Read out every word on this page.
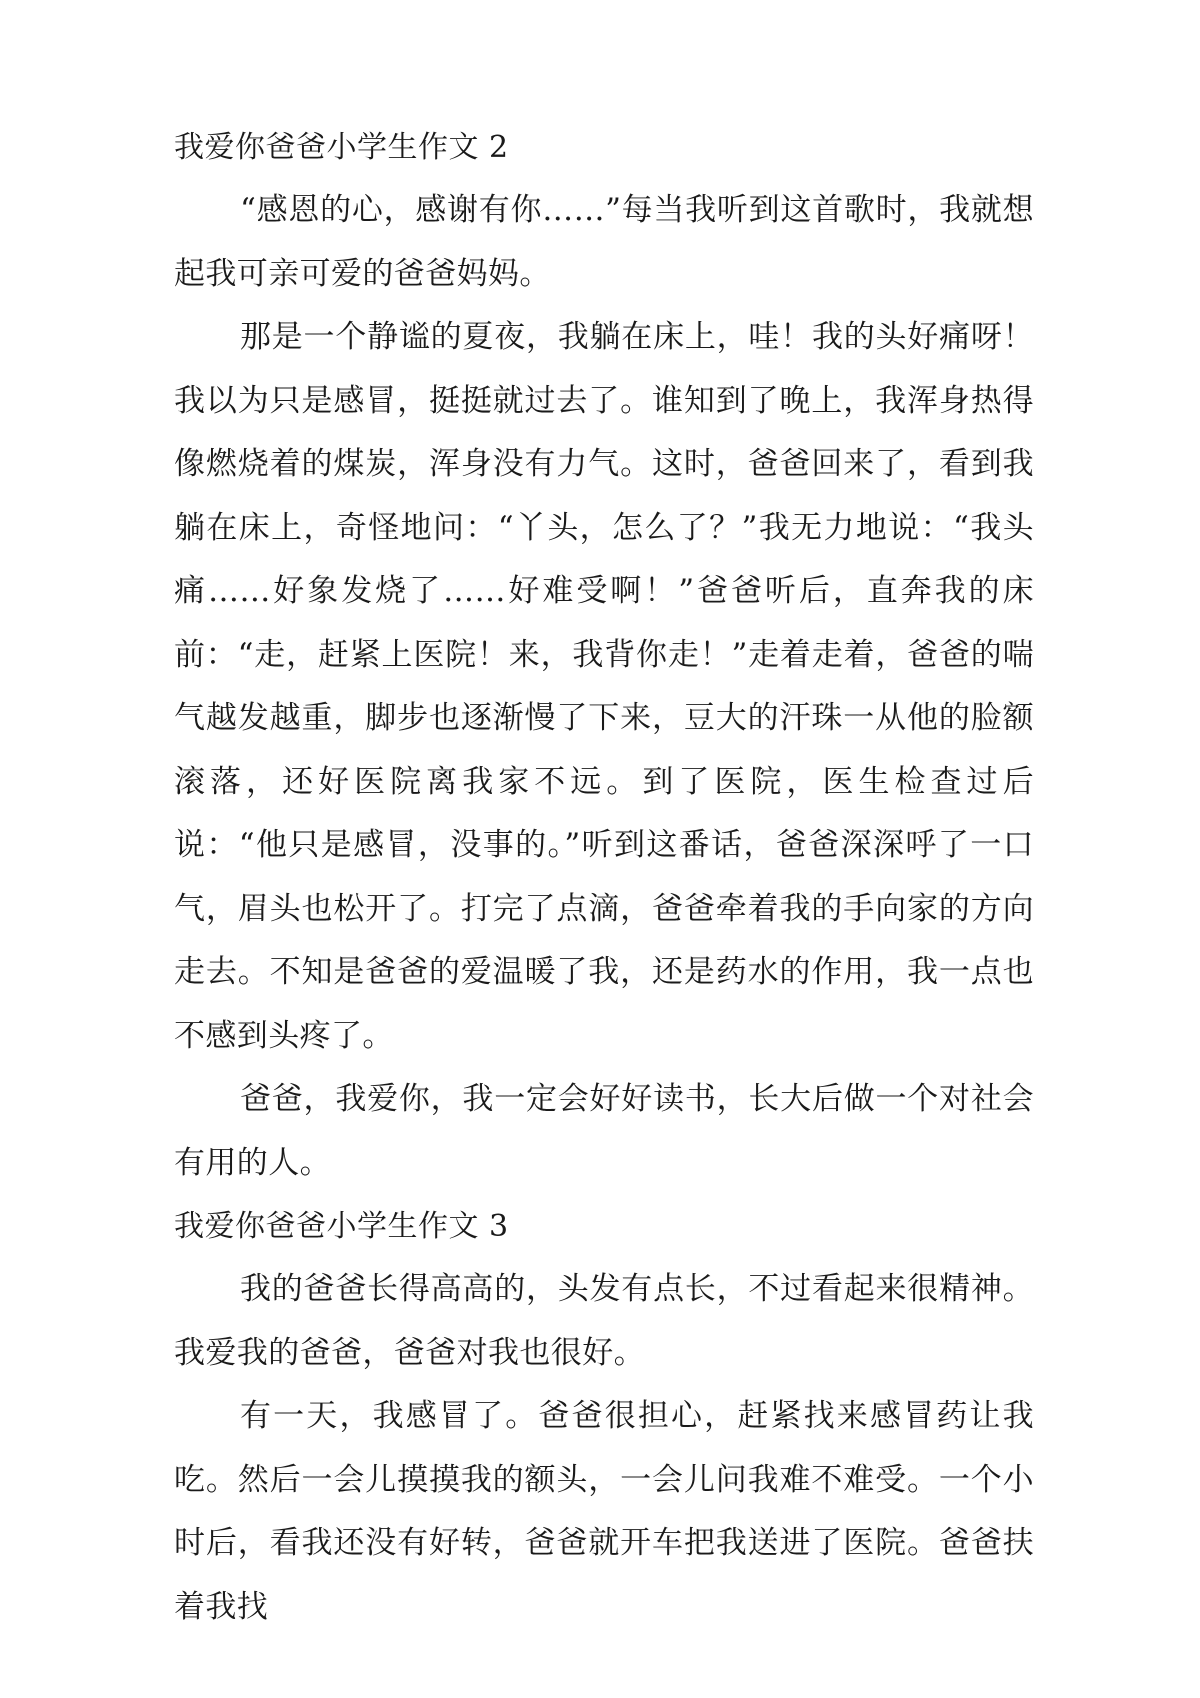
我爱你爸爸小学生作文 2

“感恩的心，感谢有你……”每当我听到这首歌时，我就想起我可亲可爱的爸爸妈妈。

那是一个静谧的夏夜，我躺在床上，哇！我的头好痛呀！我以为只是感冒，挺挺就过去了。谁知到了晚上，我浑身热得像燃烧着的煤炭，浑身没有力气。这时，爸爸回来了，看到我躺在床上，奇怪地问：“丫头，怎么了？”我无力地说：“我头痛……好象发烧了……好难受啊！”爸爸听后，直奔我的床前：“走，赶紧上医院！来，我背你走！”走着走着，爸爸的喘气越发越重，脚步也逐渐慢了下来，豆大的汗珠一从他的脸额滚落，还好医院离我家不远。到了医院，医生检查过后说：“他只是感冒，没事的。”听到这番话，爸爸深深呼了一口气，眉头也松开了。打完了点滴，爸爸牵着我的手向家的方向走去。不知是爸爸的爱温暖了我，还是药水的作用，我一点也不感到头疼了。

爸爸，我爱你，我一定会好好读书，长大后做一个对社会有用的人。

我爱你爸爸小学生作文 3

我的爸爸长得高高的，头发有点长，不过看起来很精神。我爱我的爸爸，爸爸对我也很好。

有一天，我感冒了。爸爸很担心，赶紧找来感冒药让我吃。然后一会儿摸摸我的额头，一会儿问我难不难受。一个小时后，看我还没有好转，爸爸就开车把我送进了医院。爸爸扶着我找
